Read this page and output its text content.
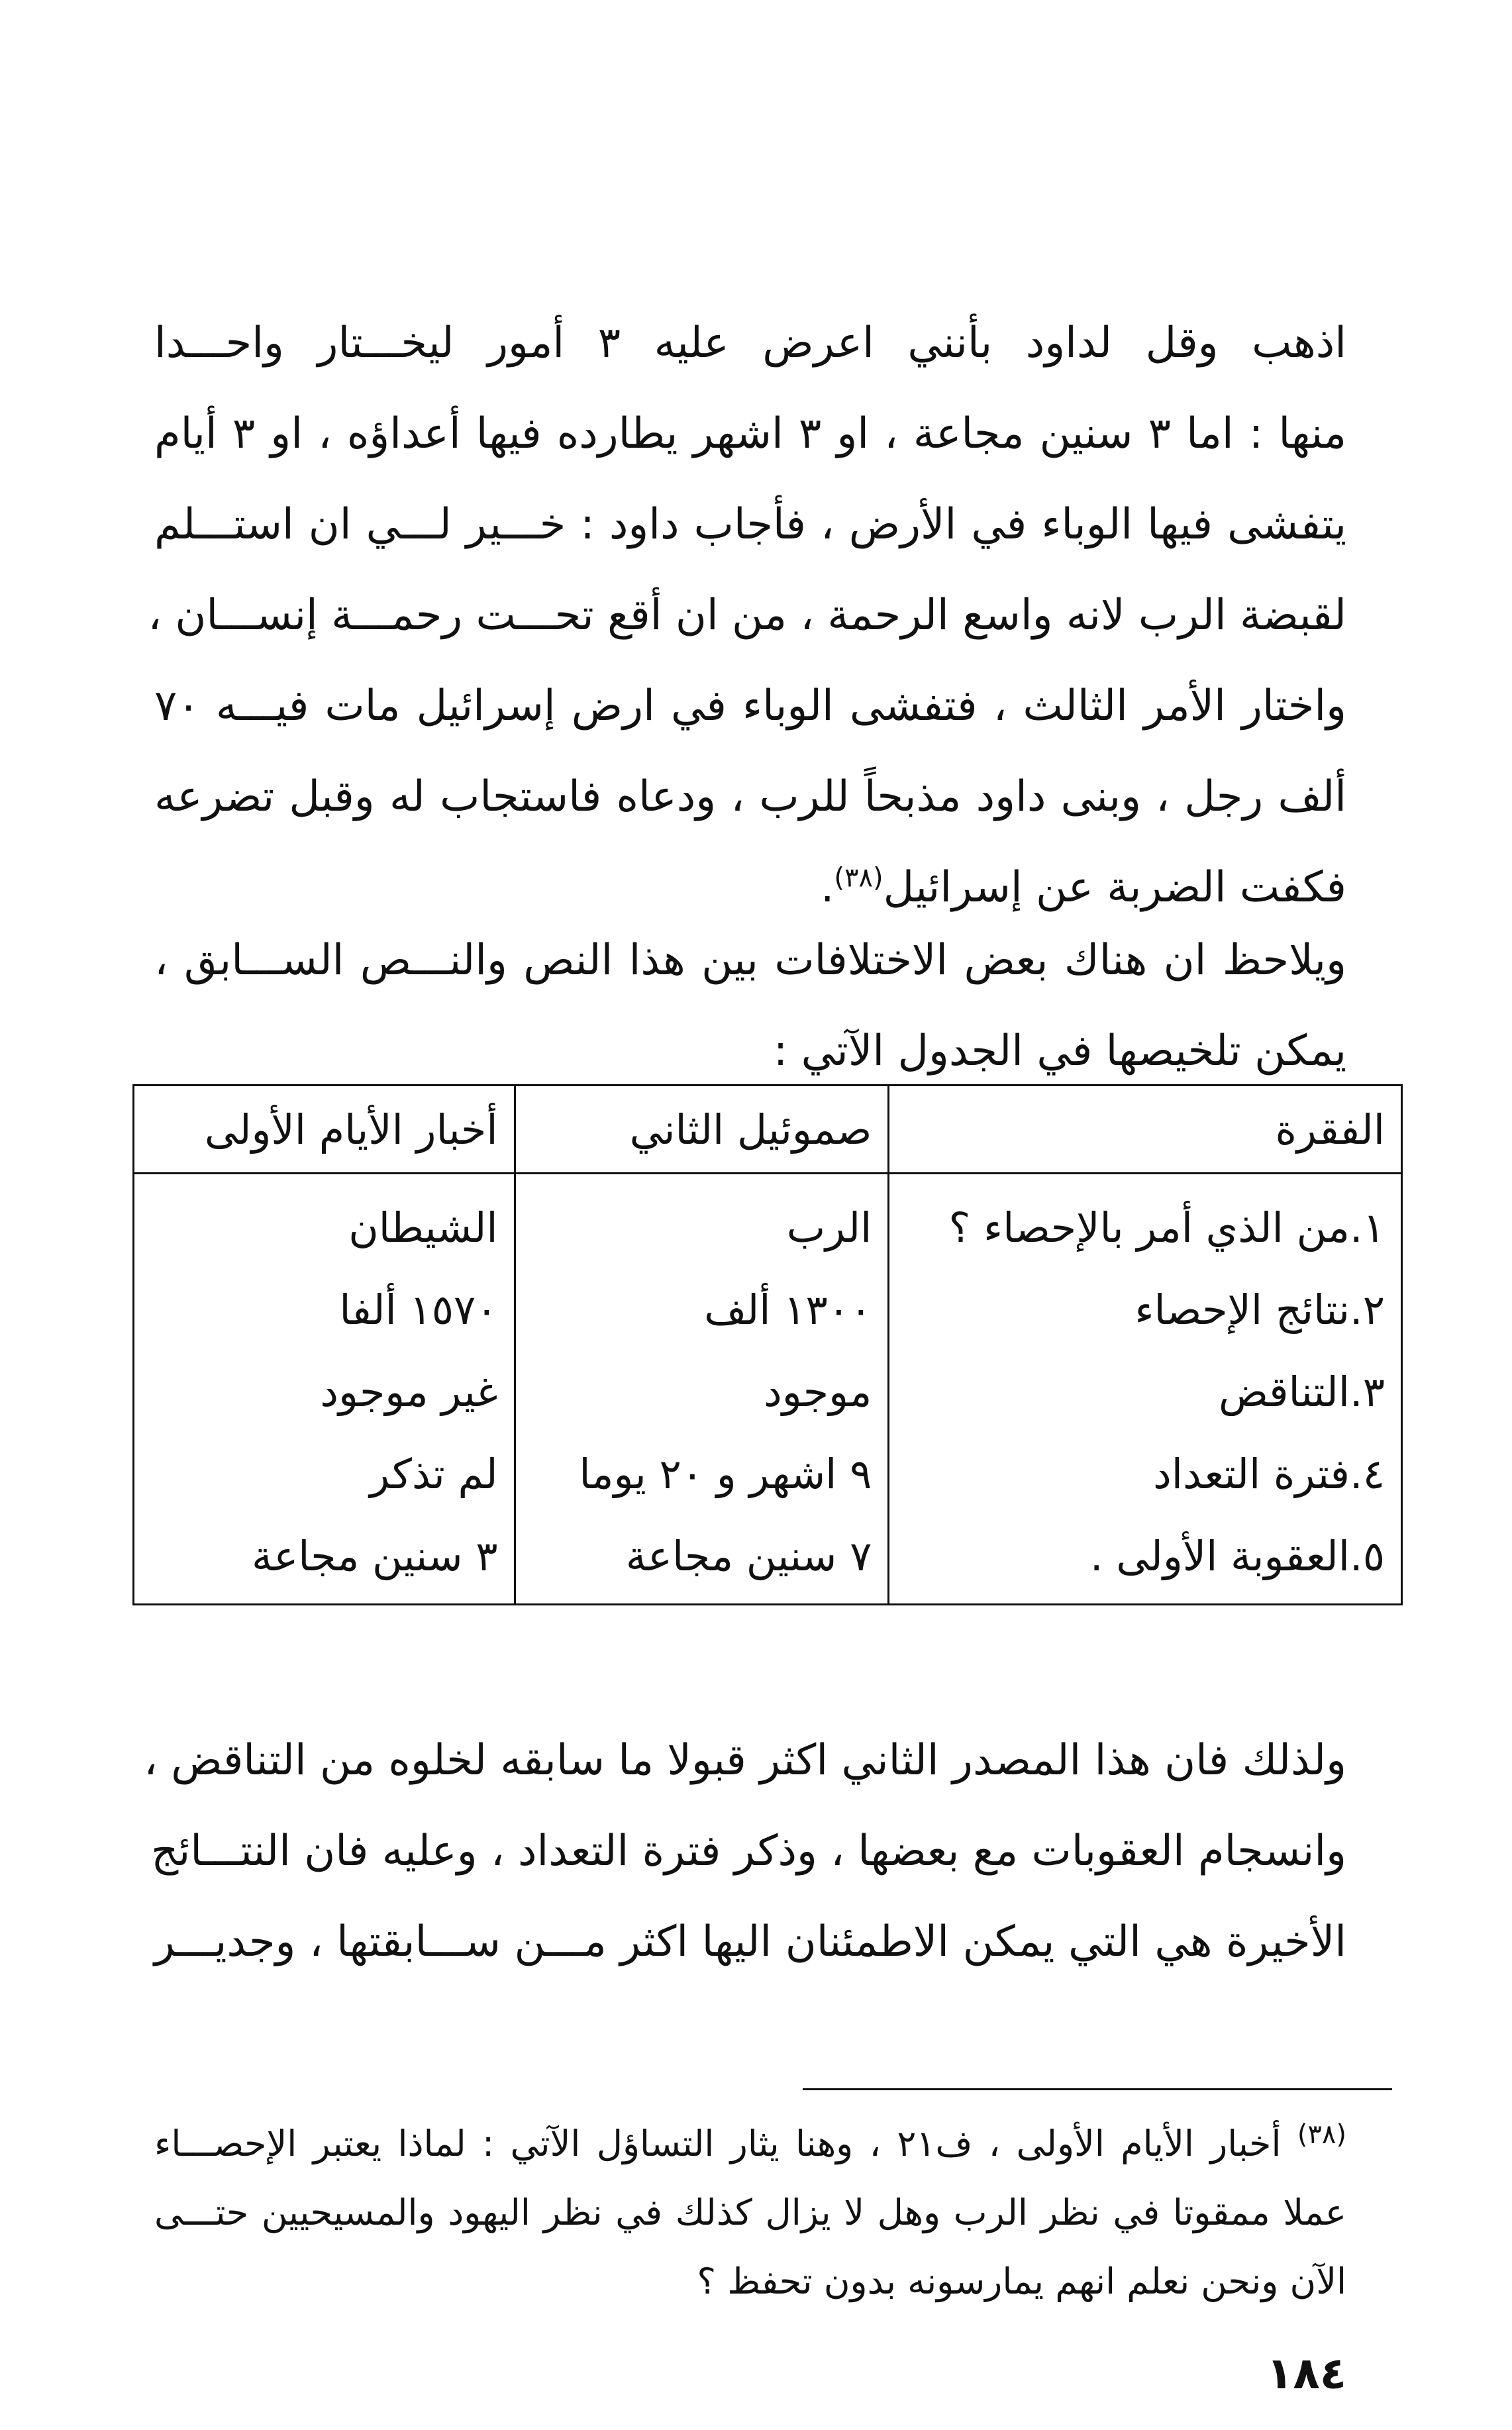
اذهب وقل لداود بأنني اعرض عليه ٣ أمور ليخـــتار واحـــدا
منها : اما ٣ سنين مجاعة ، او ٣ اشهر يطارده فيها أعداؤه ، او ٣ أيام
يتفشى فيها الوباء في الأرض ، فأجاب داود : خـــير لـــي ان استـــلم
لقبضة الرب لانه واسع الرحمة ، من ان أقع تحـــت رحمـــة إنســـان ،
واختار الأمر الثالث ، فتفشى الوباء في ارض إسرائيل مات فيـــه ٧٠
ألف رجل ، وبنى داود مذبحاً للرب ، ودعاه فاستجاب له وقبل تضرعه
فكفت الضربة عن إسرائيل$^{(٣٨)}$.
ويلاحظ ان هناك بعض الاختلافات بين هذا النص والنـــص الســـابق ،
يمكن تلخيصها في الجدول الآتي :
الفقرة	صموئيل الثاني	أخبار الأيام الأولى
١.من الذي أمر بالإحصاء ؟	الرب	الشيطان
٢.نتائج الإحصاء	١٣٠٠ ألف	١٥٧٠ ألفا
٣.التناقض	موجود	غير موجود
٤.فترة التعداد	٩ اشهر و ٢٠ يوما	لم تذكر
٥.العقوبة الأولى .	٧ سنين مجاعة	٣ سنين مجاعة
ولذلك فان هذا المصدر الثاني اكثر قبولا ما سابقه لخلوه من التناقض ،
وانسجام العقوبات مع بعضها ، وذكر فترة التعداد ، وعليه فان النتـــائج
الأخيرة هي التي يمكن الاطمئنان اليها اكثر مـــن ســـابقتها ، وجديـــر
$^{(٣٨)}$ أخبار الأيام الأولى ، ف٢١ ، وهنا يثار التساؤل الآتي : لماذا يعتبر الإحصـــاء
عملا ممقوتا في نظر الرب وهل لا يزال كذلك في نظر اليهود والمسيحيين حتـــى
الآن ونحن نعلم انهم يمارسونه بدون تحفظ ؟
١٨٤
